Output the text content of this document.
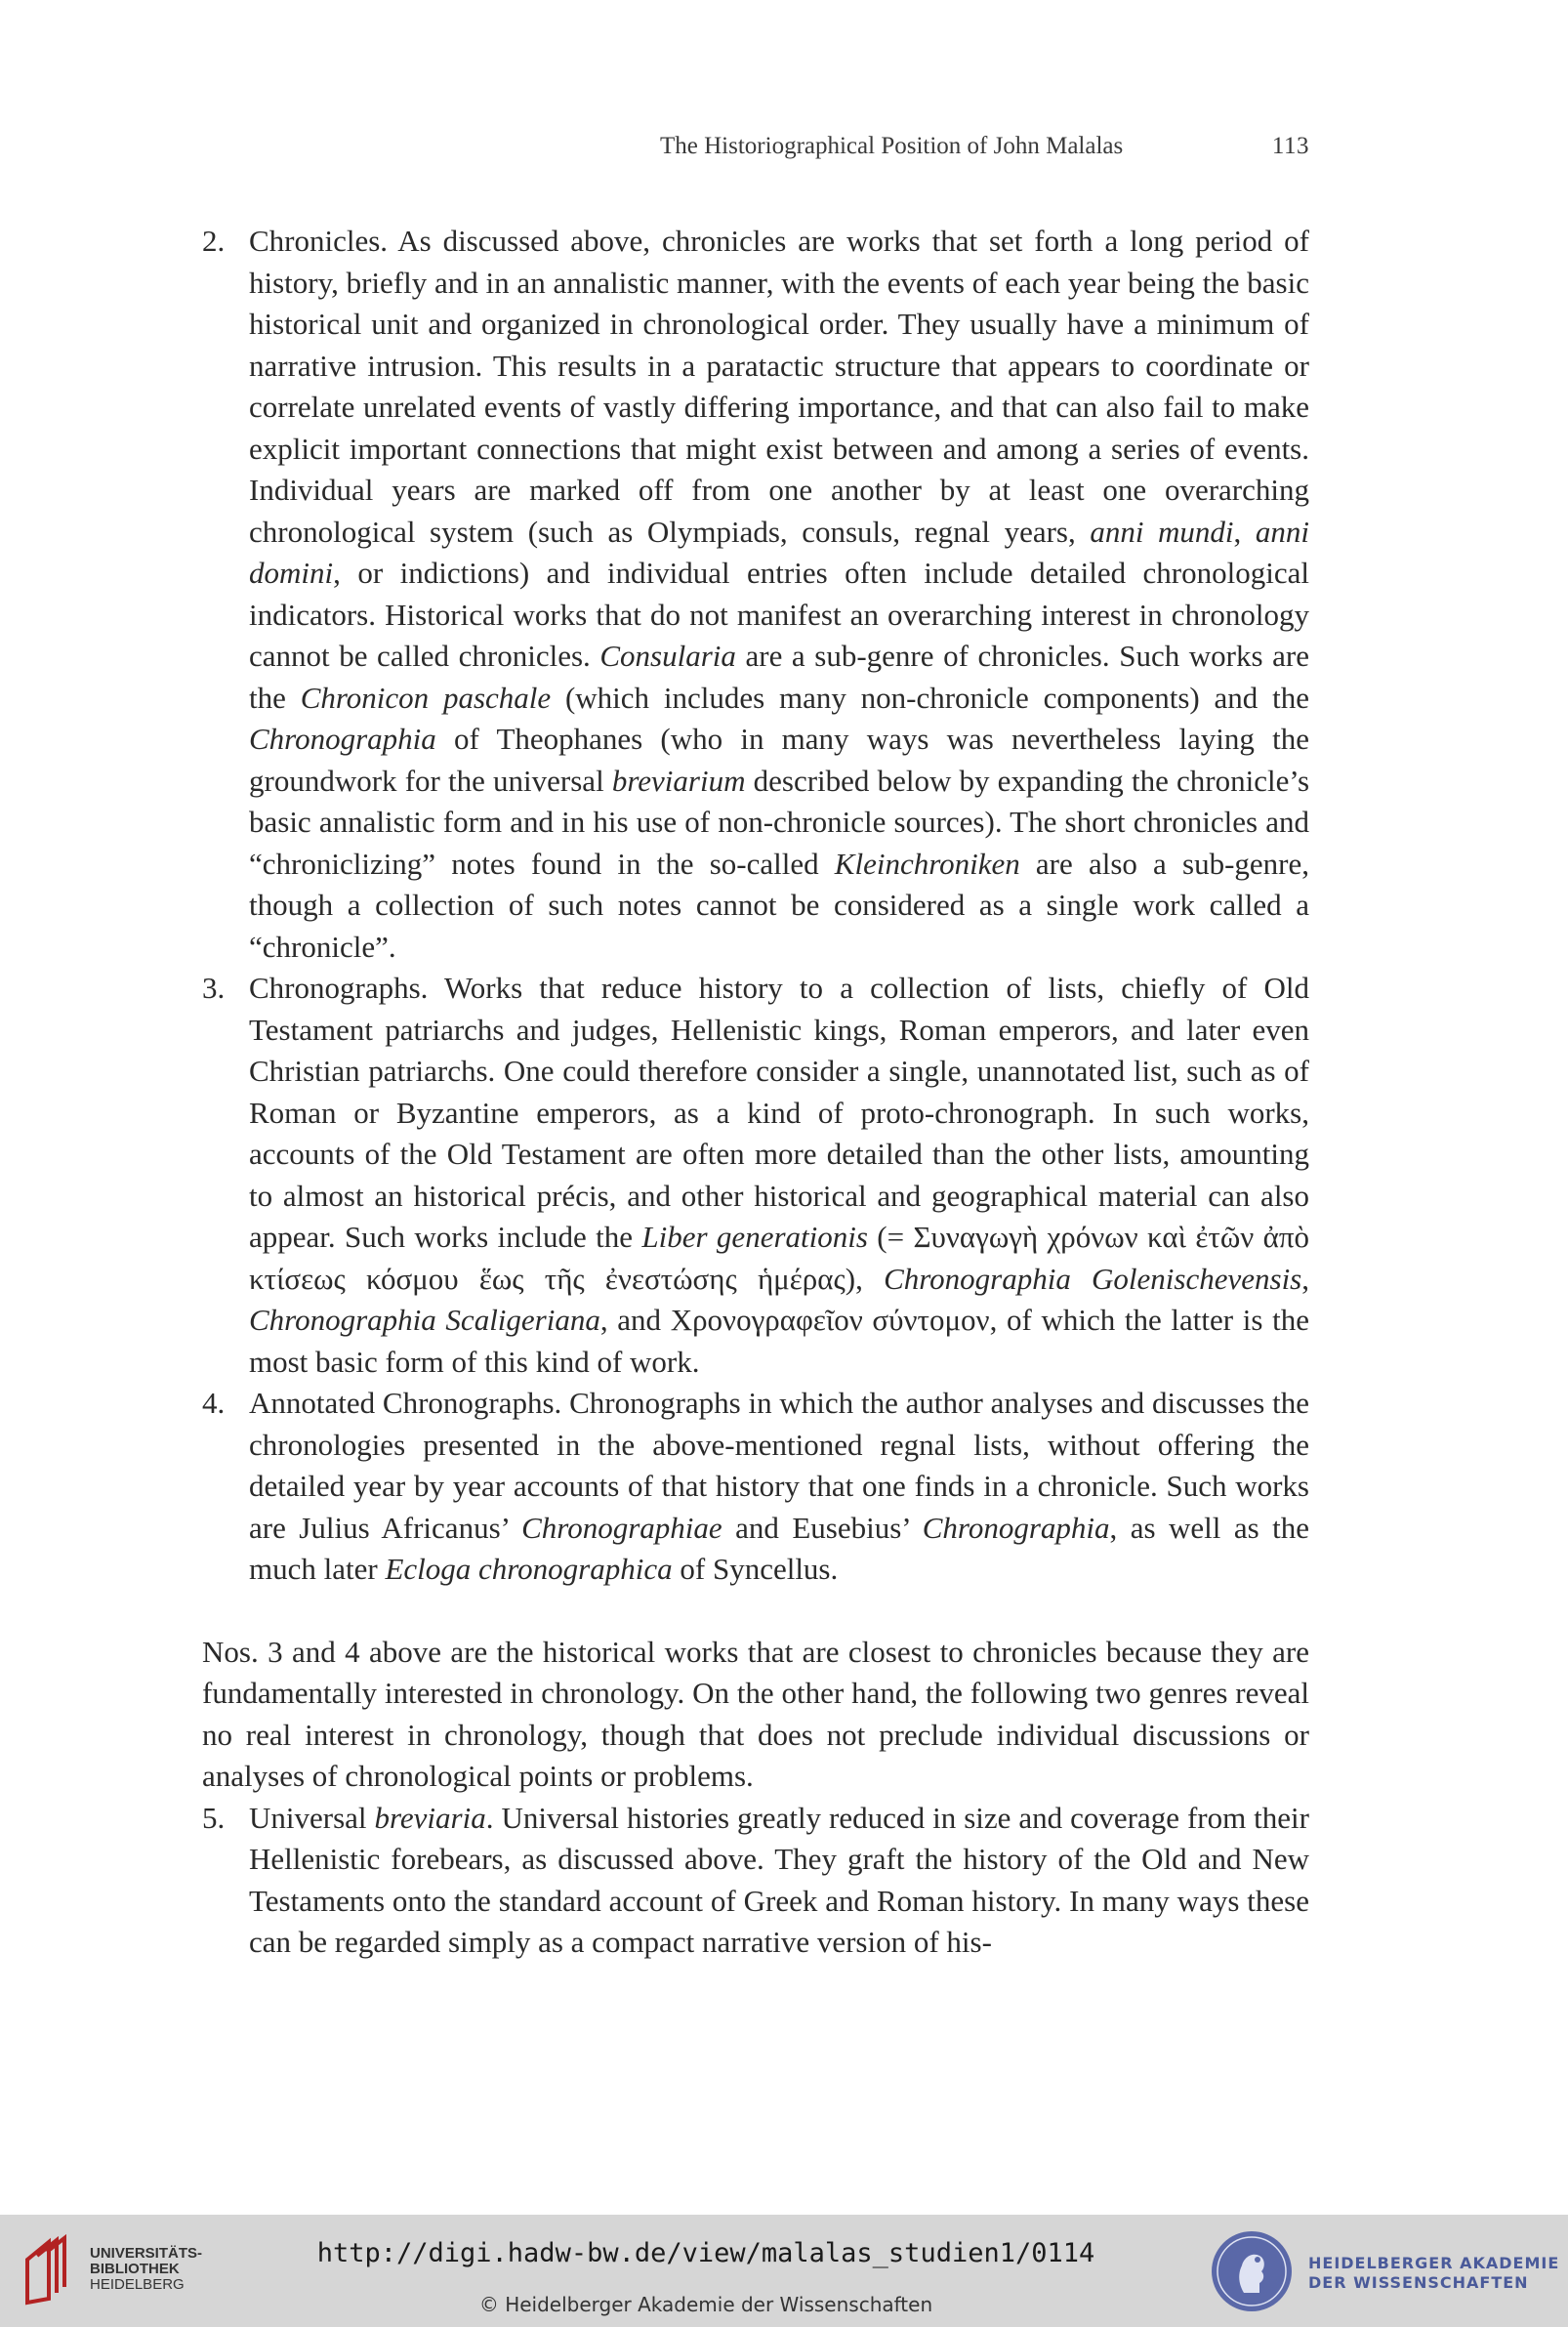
The Historiographical Position of John Malalas	113
2. Chronicles. As discussed above, chronicles are works that set forth a long period of history, briefly and in an annalistic manner, with the events of each year being the basic historical unit and organized in chronological order. They usually have a minimum of narrative intrusion. This results in a paratactic structure that appears to coordinate or correlate unrelated events of vastly differing importance, and that can also fail to make explicit important connections that might exist between and among a series of events. Individual years are marked off from one another by at least one overarching chronological system (such as Olympiads, consuls, regnal years, anni mundi, anni domini, or indictions) and individual entries often include detailed chronological indicators. Historical works that do not manifest an overarching interest in chronology cannot be called chronicles. Consularia are a sub-genre of chronicles. Such works are the Chronicon paschale (which includes many non-chronicle components) and the Chronographia of Theophanes (who in many ways was nevertheless laying the groundwork for the universal breviarium described below by expanding the chronicle’s basic annalistic form and in his use of non-chronicle sources). The short chronicles and “chroniclizing” notes found in the so-called Kleinchroniken are also a sub-genre, though a collection of such notes cannot be considered as a single work called a “chronicle”.
3. Chronographs. Works that reduce history to a collection of lists, chiefly of Old Testament patriarchs and judges, Hellenistic kings, Roman emperors, and later even Christian patriarchs. One could therefore consider a single, unannotated list, such as of Roman or Byzantine emperors, as a kind of proto-chronograph. In such works, accounts of the Old Testament are often more detailed than the other lists, amounting to almost an historical précis, and other historical and geographical material can also appear. Such works include the Liber generationis (= Συναγωγὴ χρόνων καὶ ἐτῶν ἀπὸ κτίσεως κόσμου ἕως τῆς ἐνεστώσης ἡμέρας), Chronographia Golenischevensis, Chronographia Scaligeriana, and Χρονογραφεῖον σύντομον, of which the latter is the most basic form of this kind of work.
4. Annotated Chronographs. Chronographs in which the author analyses and discusses the chronologies presented in the above-mentioned regnal lists, without offering the detailed year by year accounts of that history that one finds in a chronicle. Such works are Julius Africanus’ Chronographiae and Eusebius’ Chronographia, as well as the much later Ecloga chronographica of Syncellus.
Nos. 3 and 4 above are the historical works that are closest to chronicles because they are fundamentally interested in chronology. On the other hand, the following two genres reveal no real interest in chronology, though that does not preclude individual discussions or analyses of chronological points or problems.
5. Universal breviaria. Universal histories greatly reduced in size and coverage from their Hellenistic forebears, as discussed above. They graft the history of the Old and New Testaments onto the standard account of Greek and Roman history. In many ways these can be regarded simply as a compact narrative version of his-
UNIVERSITÄTS-
BIBLIOTHEK
HEIDELBERG
http://digi.hadw-bw.de/view/malalas_studien1/0114
© Heidelberger Akademie der Wissenschaften
HEIDELBERGER AKADEMIE
DER WISSENSCHAFTEN
